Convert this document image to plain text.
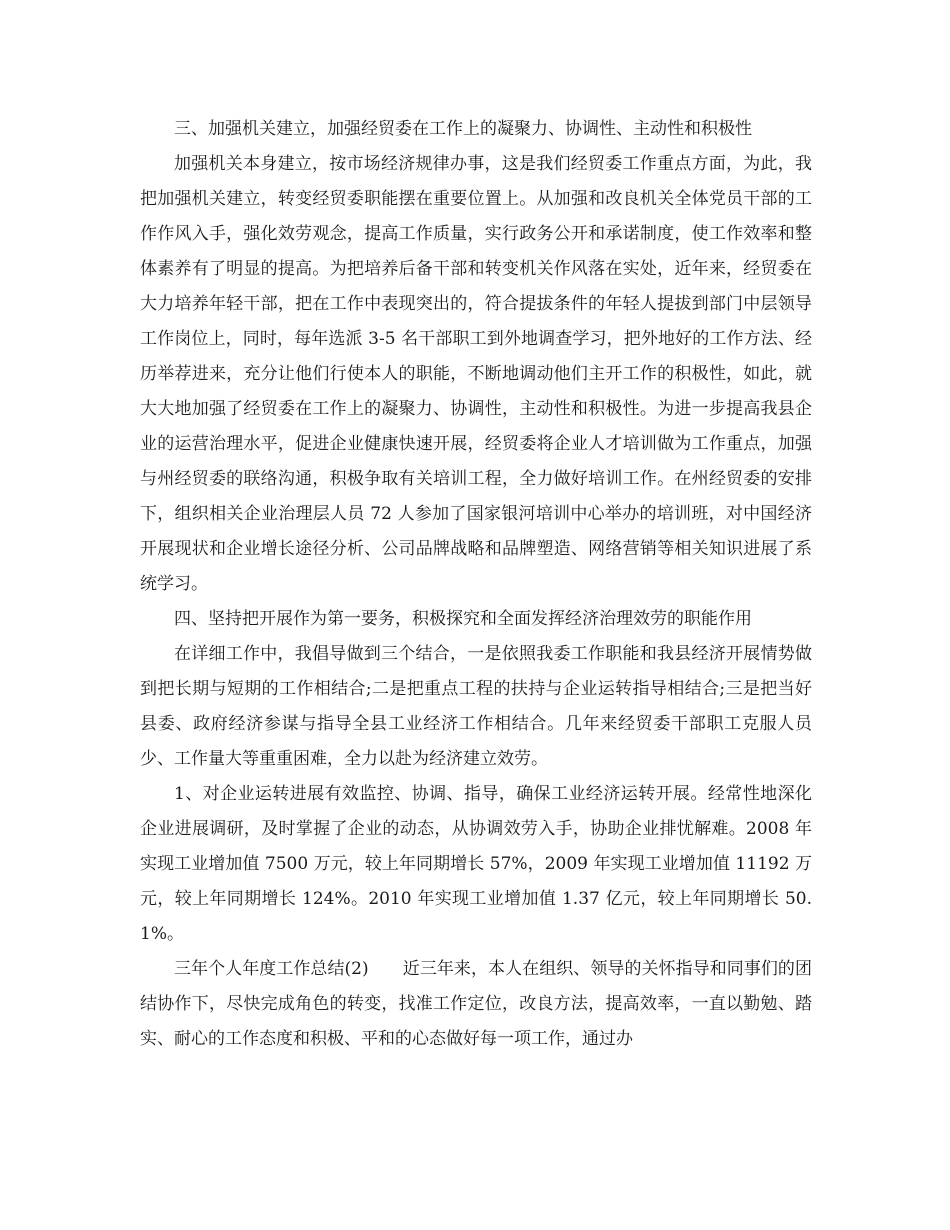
三、加强机关建立，加强经贸委在工作上的凝聚力、协调性、主动性和积极性

加强机关本身建立，按市场经济规律办事，这是我们经贸委工作重点方面，为此，我把加强机关建立，转变经贸委职能摆在重要位置上。从加强和改良机关全体党员干部的工作作风入手，强化效劳观念，提高工作质量，实行政务公开和承诺制度，使工作效率和整体素养有了明显的提高。为把培养后备干部和转变机关作风落在实处，近年来，经贸委在大力培养年轻干部，把在工作中表现突出的，符合提拔条件的年轻人提拔到部门中层领导工作岗位上，同时，每年选派 3-5 名干部职工到外地调查学习，把外地好的工作方法、经历举荐进来，充分让他们行使本人的职能，不断地调动他们主开工作的积极性，如此，就大大地加强了经贸委在工作上的凝聚力、协调性，主动性和积极性。为进一步提高我县企业的运营治理水平，促进企业健康快速开展，经贸委将企业人才培训做为工作重点，加强与州经贸委的联络沟通，积极争取有关培训工程，全力做好培训工作。在州经贸委的安排下，组织相关企业治理层人员 72 人参加了国家银河培训中心举办的培训班，对中国经济开展现状和企业增长途径分析、公司品牌战略和品牌塑造、网络营销等相关知识进展了系统学习。

四、坚持把开展作为第一要务，积极探究和全面发挥经济治理效劳的职能作用

在详细工作中，我倡导做到三个结合，一是依照我委工作职能和我县经济开展情势做到把长期与短期的工作相结合;二是把重点工程的扶持与企业运转指导相结合;三是把当好县委、政府经济参谋与指导全县工业经济工作相结合。几年来经贸委干部职工克服人员少、工作量大等重重困难，全力以赴为经济建立效劳。

1、对企业运转进展有效监控、协调、指导，确保工业经济运转开展。经常性地深化企业进展调研，及时掌握了企业的动态，从协调效劳入手，协助企业排忧解难。2008 年实现工业增加值 7500 万元，较上年同期增长 57%，2009 年实现工业增加值 11192 万元，较上年同期增长 124%。2010 年实现工业增加值 1.37 亿元，较上年同期增长 50.1%。

三年个人年度工作总结(2)　　近三年来，本人在组织、领导的关怀指导和同事们的团结协作下，尽快完成角色的转变，找准工作定位，改良方法，提高效率，一直以勤勉、踏实、耐心的工作态度和积极、平和的心态做好每一项工作，通过办
